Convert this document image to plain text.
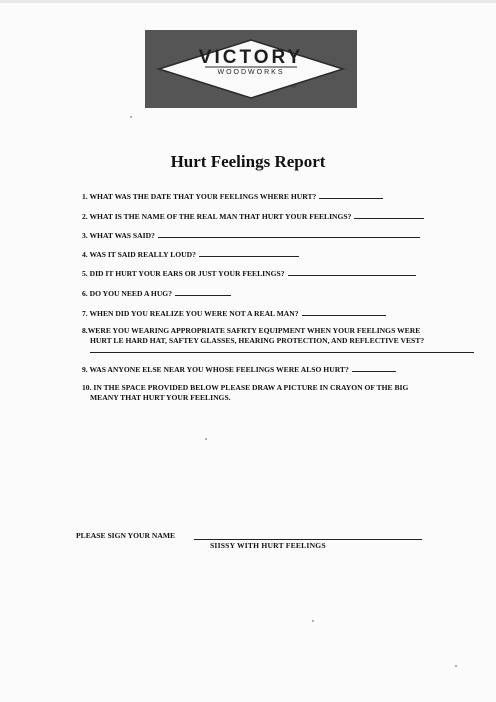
VICTORY
WOODWORKS
Hurt Feelings Report
1. WHAT WAS THE DATE THAT YOUR FEELINGS WHERE HURT?
2. WHAT IS THE NAME OF THE REAL MAN THAT HURT YOUR FEELINGS?
3. WHAT WAS SAID?
4. WAS IT SAID REALLY LOUD?
5. DID IT HURT YOUR EARS OR JUST YOUR FEELINGS?
6. DO YOU NEED A HUG?
7. WHEN DID YOU REALIZE YOU WERE NOT A REAL MAN?
8.WERE YOU WEARING APPROPRIATE SAFRTY EQUIPMENT WHEN YOUR FEELINGS WERE
HURT LE HARD HAT, SAFTEY GLASSES, HEARING PROTECTION, AND REFLECTIVE VEST?
9. WAS ANYONE ELSE NEAR YOU WHOSE FEELINGS WERE ALSO HURT?
10. IN THE SPACE PROVIDED BELOW PLEASE DRAW A PICTURE IN CRAYON OF THE BIG
MEANY THAT HURT YOUR FEELINGS.
PLEASE SIGN YOUR NAME
SIISSY WITH HURT FEELINGS
